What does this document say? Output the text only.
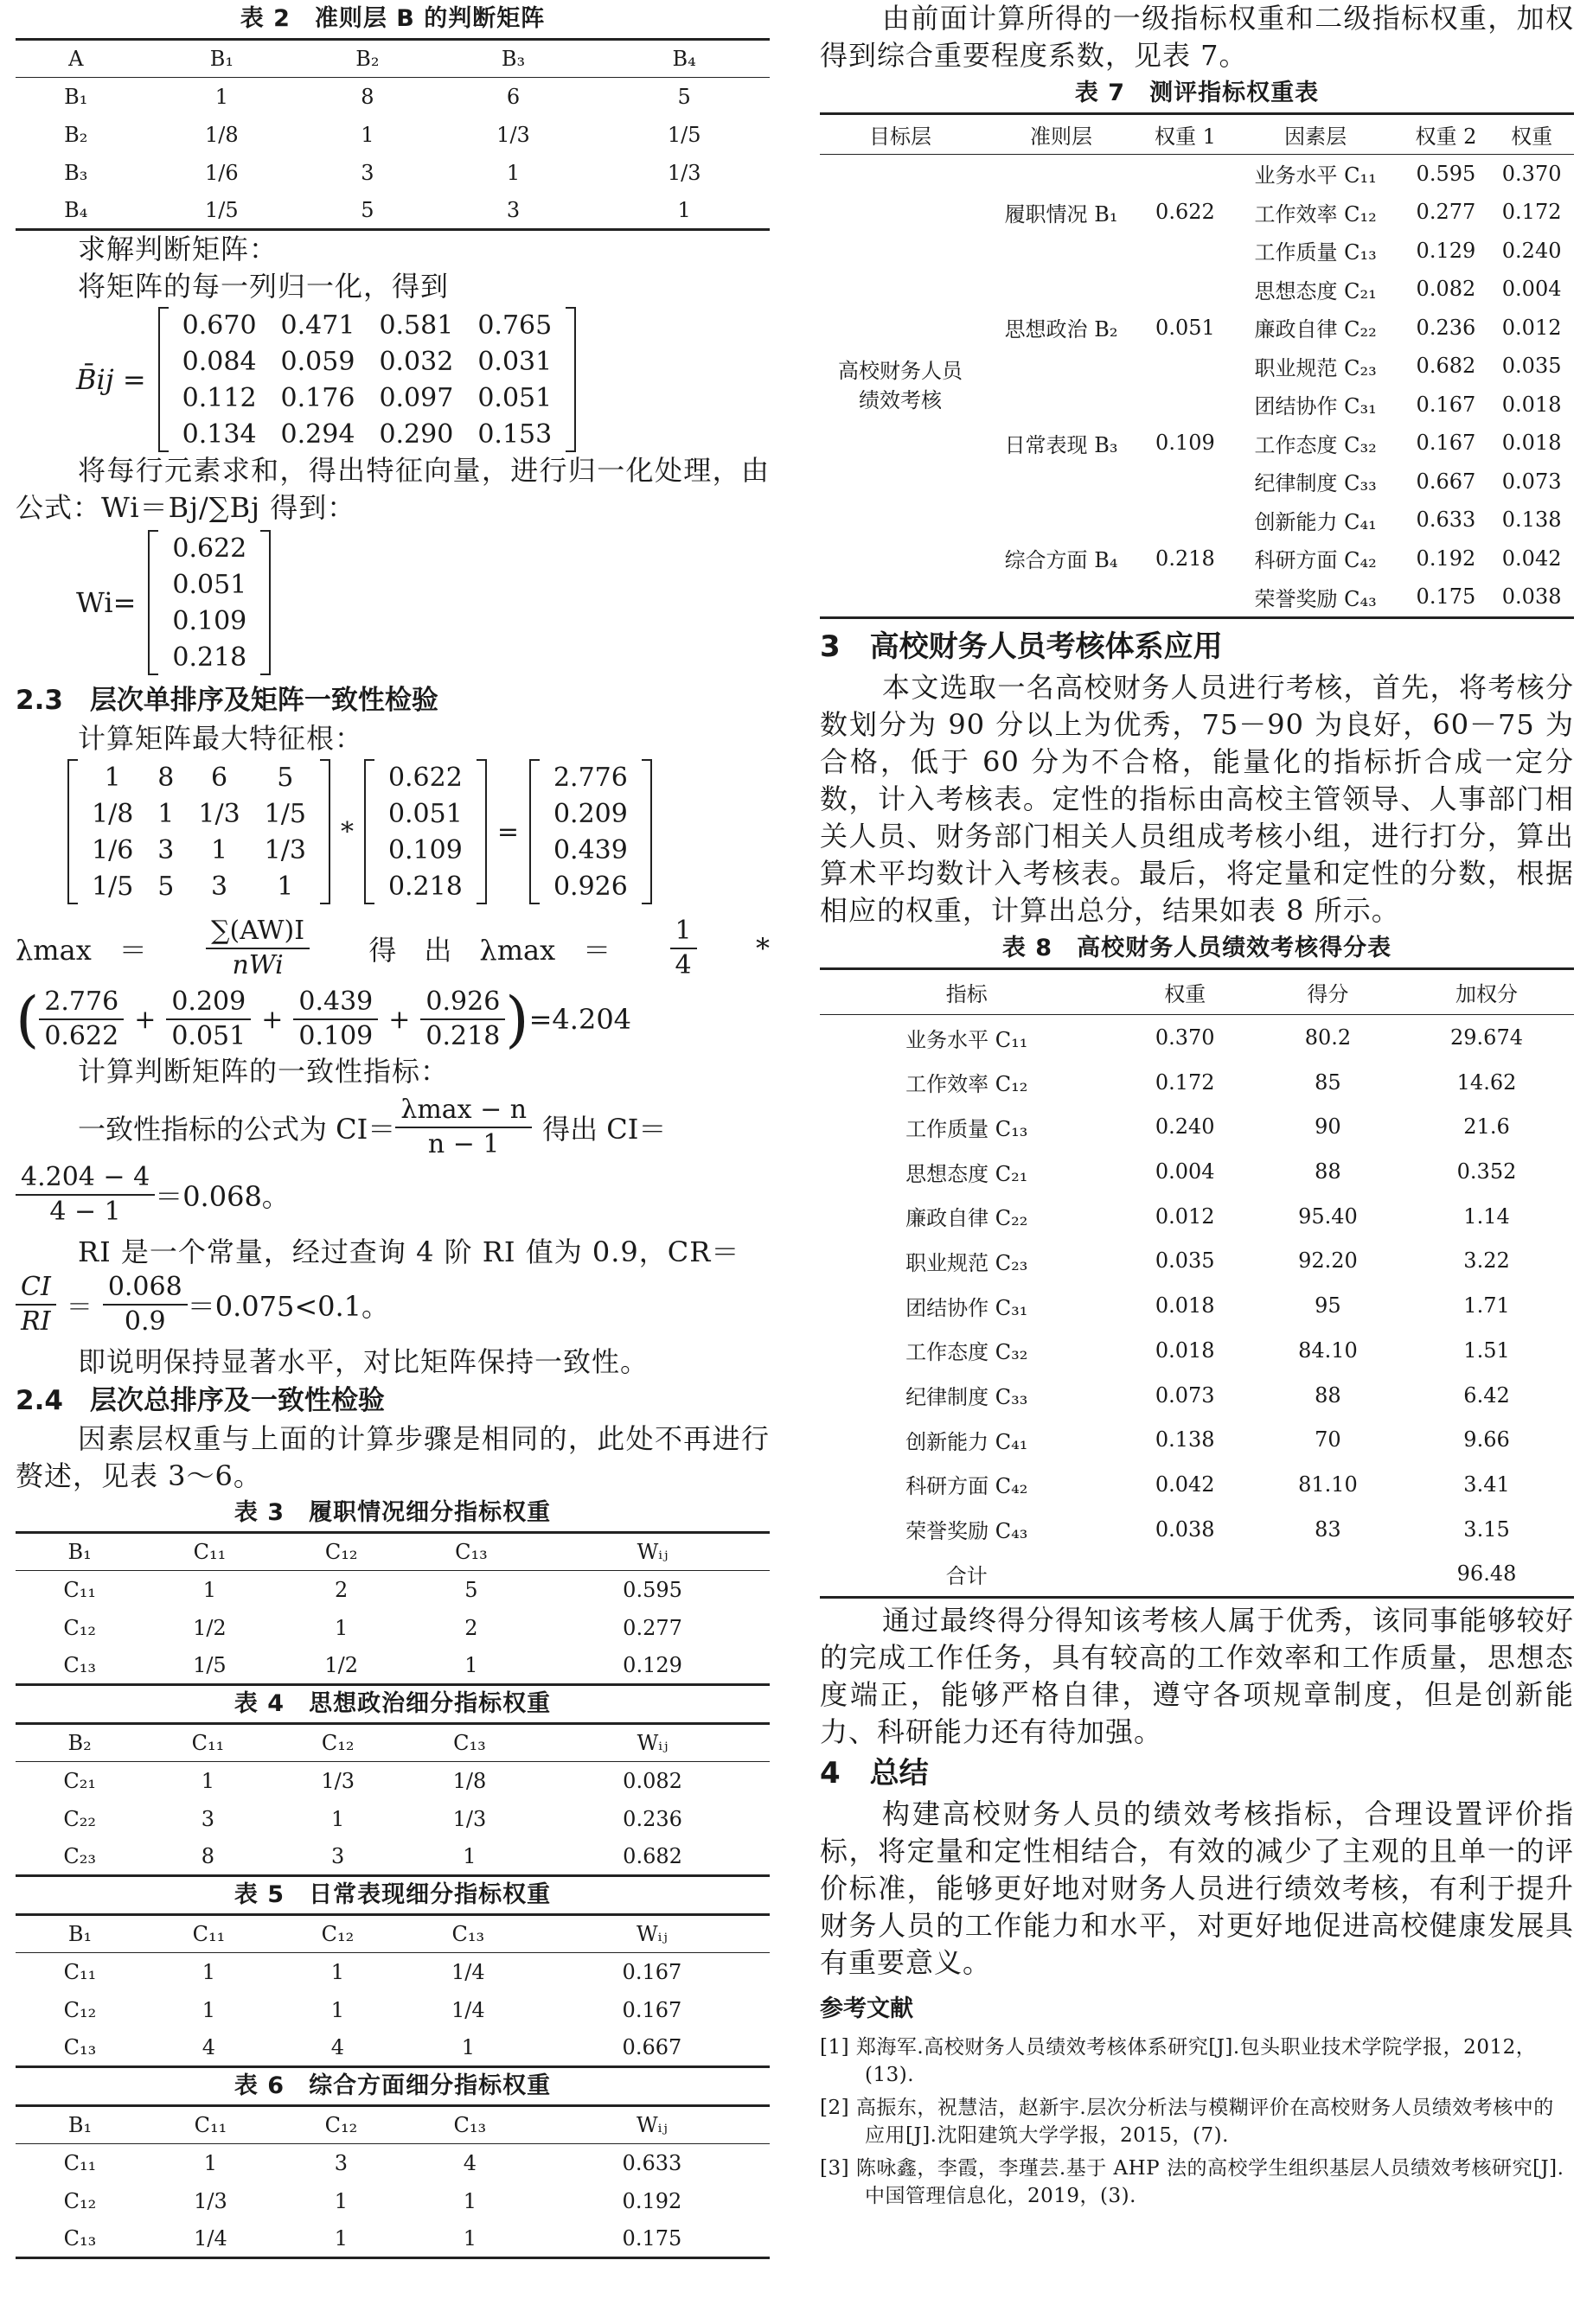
表 2　准则层 B 的判断矩阵
A	B₁	B₂	B₃	B₄
B₁	1	8	6	5
B₂	1/8	1	1/3	1/5
B₃	1/6	3	1	1/3
B₄	1/5	5	3	1

求解判断矩阵：

将矩阵的每一列归一化，得到

B̄ij =
0.670	0.471	0.581	0.765
0.084	0.059	0.032	0.031
0.112	0.176	0.097	0.051
0.134	0.294	0.290	0.153

将每行元素求和，得出特征向量，进行归一化处理，由公式：Wi＝Bj/∑Bj 得到：

Wi=
0.622
0.051
0.109
0.218
2.3　层次单排序及矩阵一致性检验

计算矩阵最大特征根：

1	8	6	5
1/8	1	1/3	1/5
1/6	3	1	1/3
1/5	5	3	1
*
0.622
0.051
0.109
0.218
=
2.776
0.209
0.439
0.926
λmax　＝ $\frac{\sum(AW)I}{\text{nWi}}$ 得　出　λmax　＝ $\frac{1}{4}$ *
( $\frac{2.776}{0.622} + \frac{0.209}{0.051} + \frac{0.439}{0.109} + \frac{0.926}{0.218}$ ) =4.204

计算判断矩阵的一致性指标：

一致性指标的公式为 $CI= \frac{\lambda\max - n}{n - 1}$ 得出 CI＝
$\frac{4.204 - 4}{4 - 1} =0.068$。

RI 是一个常量，经过查询 4 阶 RI 值为 0.9，CR＝

$\frac{CI}{RI} = \frac{0.068}{0.9} =0.075<0.1$。

即说明保持显著水平，对比矩阵保持一致性。

2.4　层次总排序及一致性检验

因素层权重与上面的计算步骤是相同的，此处不再进行赘述，见表 3～6。

表 3　履职情况细分指标权重
B₁	C₁₁	C₁₂	C₁₃	Wᵢⱼ
C₁₁	1	2	5	0.595
C₁₂	1/2	1	2	0.277
C₁₃	1/5	1/2	1	0.129
表 4　思想政治细分指标权重
B₂	C₁₁	C₁₂	C₁₃	Wᵢⱼ
C₂₁	1	1/3	1/8	0.082
C₂₂	3	1	1/3	0.236
C₂₃	8	3	1	0.682
表 5　日常表现细分指标权重
B₁	C₁₁	C₁₂	C₁₃	Wᵢⱼ
C₁₁	1	1	1/4	0.167
C₁₂	1	1	1/4	0.167
C₁₃	4	4	1	0.667
表 6　综合方面细分指标权重
B₁	C₁₁	C₁₂	C₁₃	Wᵢⱼ
C₁₁	1	3	4	0.633
C₁₂	1/3	1	1	0.192
C₁₃	1/4	1	1	0.175

由前面计算所得的一级指标权重和二级指标权重，加权得到综合重要程度系数，见表 7。

表 7　测评指标权重表
目标层	准则层	权重 1	因素层	权重 2	权重
高校财务人员绩效考核	履职情况 B₁	0.622	业务水平 C₁₁	0.595	0.370
			工作效率 C₁₂	0.277	0.172
			工作质量 C₁₃	0.129	0.240
	思想政治 B₂	0.051	思想态度 C₂₁	0.082	0.004
			廉政自律 C₂₂	0.236	0.012
			职业规范 C₂₃	0.682	0.035
	日常表现 B₃	0.109	团结协作 C₃₁	0.167	0.018
			工作态度 C₃₂	0.167	0.018
			纪律制度 C₃₃	0.667	0.073
	综合方面 B₄	0.218	创新能力 C₄₁	0.633	0.138
			科研方面 C₄₂	0.192	0.042
			荣誉奖励 C₄₃	0.175	0.038
3　高校财务人员考核体系应用

本文选取一名高校财务人员进行考核，首先，将考核分数划分为 90 分以上为优秀，75－90 为良好，60－75 为合格，低于 60 分为不合格，能量化的指标折合成一定分数，计入考核表。定性的指标由高校主管领导、人事部门相关人员、财务部门相关人员组成考核小组，进行打分，算出算术平均数计入考核表。最后，将定量和定性的分数，根据相应的权重，计算出总分，结果如表 8 所示。

表 8　高校财务人员绩效考核得分表
指标	权重	得分	加权分
业务水平 C₁₁	0.370	80.2	29.674
工作效率 C₁₂	0.172	85	14.62
工作质量 C₁₃	0.240	90	21.6
思想态度 C₂₁	0.004	88	0.352
廉政自律 C₂₂	0.012	95.40	1.14
职业规范 C₂₃	0.035	92.20	3.22
团结协作 C₃₁	0.018	95	1.71
工作态度 C₃₂	0.018	84.10	1.51
纪律制度 C₃₃	0.073	88	6.42
创新能力 C₄₁	0.138	70	9.66
科研方面 C₄₂	0.042	81.10	3.41
荣誉奖励 C₄₃	0.038	83	3.15
合计			96.48

通过最终得分得知该考核人属于优秀，该同事能够较好的完成工作任务，具有较高的工作效率和工作质量，思想态度端正，能够严格自律，遵守各项规章制度，但是创新能力、科研能力还有待加强。

4　总结

构建高校财务人员的绩效考核指标，合理设置评价指标，将定量和定性相结合，有效的减少了主观的且单一的评价标准，能够更好地对财务人员进行绩效考核，有利于提升财务人员的工作能力和水平，对更好地促进高校健康发展具有重要意义。

参考文献

[1] 郑海军.高校财务人员绩效考核体系研究[J].包头职业技术学院学报，2012，(13).

[2] 高振东，祝慧洁，赵新宇.层次分析法与模糊评价在高校财务人员绩效考核中的应用[J].沈阳建筑大学学报，2015，(7).

[3] 陈咏鑫，李霞，李瑾芸.基于 AHP 法的高校学生组织基层人员绩效考核研究[J].中国管理信息化，2019，(3).
